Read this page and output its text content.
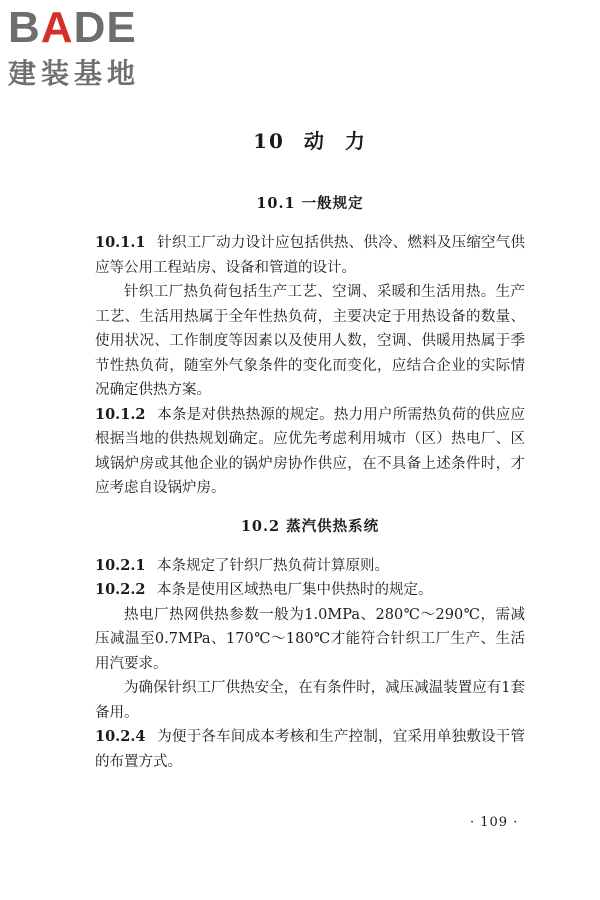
BADE
建装基地
10 动 力
10.1 一般规定

10.1.1 针织工厂动力设计应包括供热、供冷、燃料及压缩空气供应等公用工程站房、设备和管道的设计。

针织工厂热负荷包括生产工艺、空调、采暖和生活用热。生产工艺、生活用热属于全年性热负荷，主要决定于用热设备的数量、使用状况、工作制度等因素以及使用人数，空调、供暖用热属于季节性热负荷，随室外气象条件的变化而变化，应结合企业的实际情况确定供热方案。

10.1.2 本条是对供热热源的规定。热力用户所需热负荷的供应应根据当地的供热规划确定。应优先考虑利用城市（区）热电厂、区域锅炉房或其他企业的锅炉房协作供应，在不具备上述条件时，才应考虑自设锅炉房。

10.2 蒸汽供热系统

10.2.1 本条规定了针织厂热负荷计算原则。

10.2.2 本条是使用区域热电厂集中供热时的规定。

热电厂热网供热参数一般为1.0MPa、280℃～290℃，需减压减温至0.7MPa、170℃～180℃才能符合针织工厂生产、生活用汽要求。

为确保针织工厂供热安全，在有条件时，减压减温装置应有1套备用。

10.2.4 为便于各车间成本考核和生产控制，宜采用单独敷设干管的布置方式。

· 109 ·
